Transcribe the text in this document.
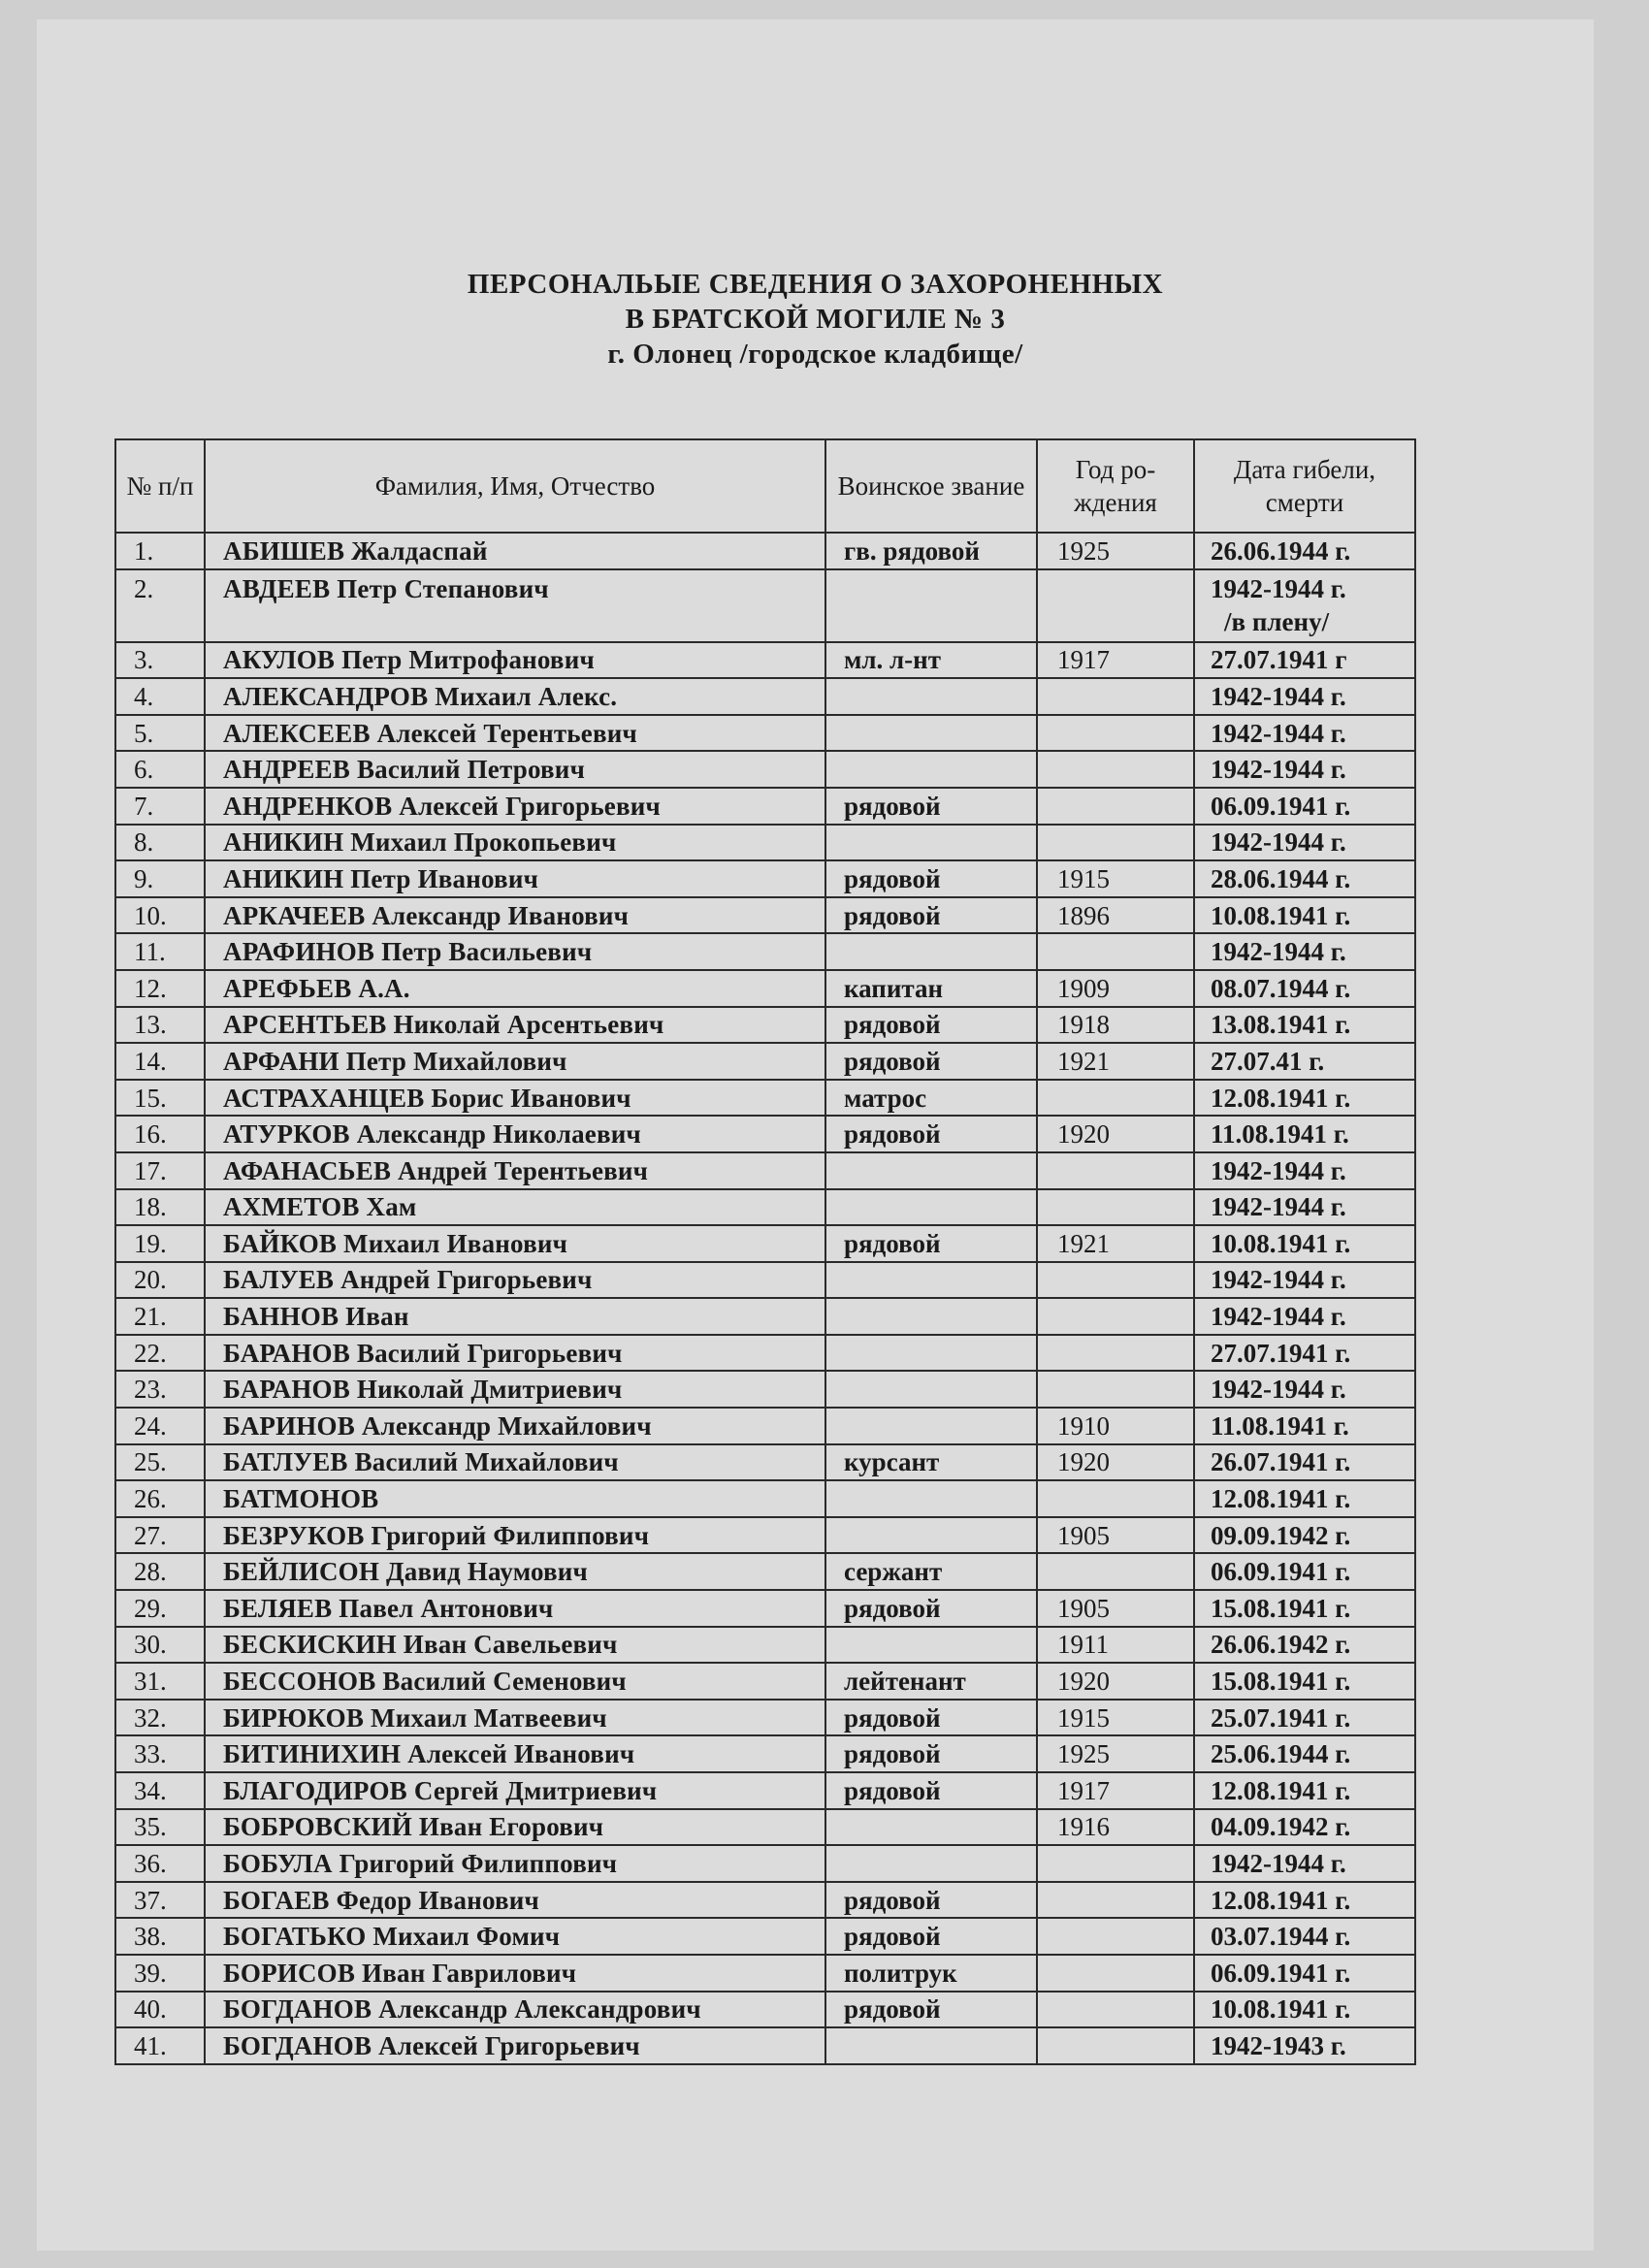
ПЕРСОНАЛЬЫЕ СВЕДЕНИЯ О ЗАХОРОНЕННЫХ
В БРАТСКОЙ МОГИЛЕ № 3
г. Олонец /городское кладбище/
№ п/п	Фамилия, Имя, Отчество	Воинское звание	Год ро-ждения	Дата гибели, смерти
1.	АБИШЕВ Жалдаспай	гв. рядовой	1925	26.06.1944 г.
2.	АВДЕЕВ Петр Степанович			1942-1944 г.
/в плену/
3.	АКУЛОВ Петр Митрофанович	мл. л-нт	1917	27.07.1941 г
4.	АЛЕКСАНДРОВ Михаил Алекс.			1942-1944 г.
5.	АЛЕКСЕЕВ Алексей Терентьевич			1942-1944 г.
6.	АНДРЕЕВ Василий Петрович			1942-1944 г.
7.	АНДРЕНКОВ Алексей Григорьевич	рядовой		06.09.1941 г.
8.	АНИКИН Михаил Прокопьевич			1942-1944 г.
9.	АНИКИН Петр Иванович	рядовой	1915	28.06.1944 г.
10.	АРКАЧЕЕВ Александр Иванович	рядовой	1896	10.08.1941 г.
11.	АРАФИНОВ Петр Васильевич			1942-1944 г.
12.	АРЕФЬЕВ А.А.	капитан	1909	08.07.1944 г.
13.	АРСЕНТЬЕВ Николай Арсентьевич	рядовой	1918	13.08.1941 г.
14.	АРФАНИ Петр Михайлович	рядовой	1921	27.07.41 г.
15.	АСТРАХАНЦЕВ Борис Иванович	матрос		12.08.1941 г.
16.	АТУРКОВ Александр Николаевич	рядовой	1920	11.08.1941 г.
17.	АФАНАСЬЕВ Андрей Терентьевич			1942-1944 г.
18.	АХМЕТОВ Хам			1942-1944 г.
19.	БАЙКОВ Михаил Иванович	рядовой	1921	10.08.1941 г.
20.	БАЛУЕВ Андрей Григорьевич			1942-1944 г.
21.	БАННОВ Иван			1942-1944 г.
22.	БАРАНОВ Василий Григорьевич			27.07.1941 г.
23.	БАРАНОВ Николай Дмитриевич			1942-1944 г.
24.	БАРИНОВ Александр Михайлович		1910	11.08.1941 г.
25.	БАТЛУЕВ Василий Михайлович	курсант	1920	26.07.1941 г.
26.	БАТМОНОВ			12.08.1941 г.
27.	БЕЗРУКОВ Григорий Филиппович		1905	09.09.1942 г.
28.	БЕЙЛИСОН Давид Наумович	сержант		06.09.1941 г.
29.	БЕЛЯЕВ Павел Антонович	рядовой	1905	15.08.1941 г.
30.	БЕСКИСКИН Иван Савельевич		1911	26.06.1942 г.
31.	БЕССОНОВ Василий Семенович	лейтенант	1920	15.08.1941 г.
32.	БИРЮКОВ Михаил Матвеевич	рядовой	1915	25.07.1941 г.
33.	БИТИНИХИН Алексей Иванович	рядовой	1925	25.06.1944 г.
34.	БЛАГОДИРОВ Сергей Дмитриевич	рядовой	1917	12.08.1941 г.
35.	БОБРОВСКИЙ Иван Егорович		1916	04.09.1942 г.
36.	БОБУЛА Григорий Филиппович			1942-1944 г.
37.	БОГАЕВ Федор Иванович	рядовой		12.08.1941 г.
38.	БОГАТЬКО Михаил Фомич	рядовой		03.07.1944 г.
39.	БОРИСОВ Иван Гаврилович	политрук		06.09.1941 г.
40.	БОГДАНОВ Александр Александрович	рядовой		10.08.1941 г.
41.	БОГДАНОВ Алексей Григорьевич			1942-1943 г.
